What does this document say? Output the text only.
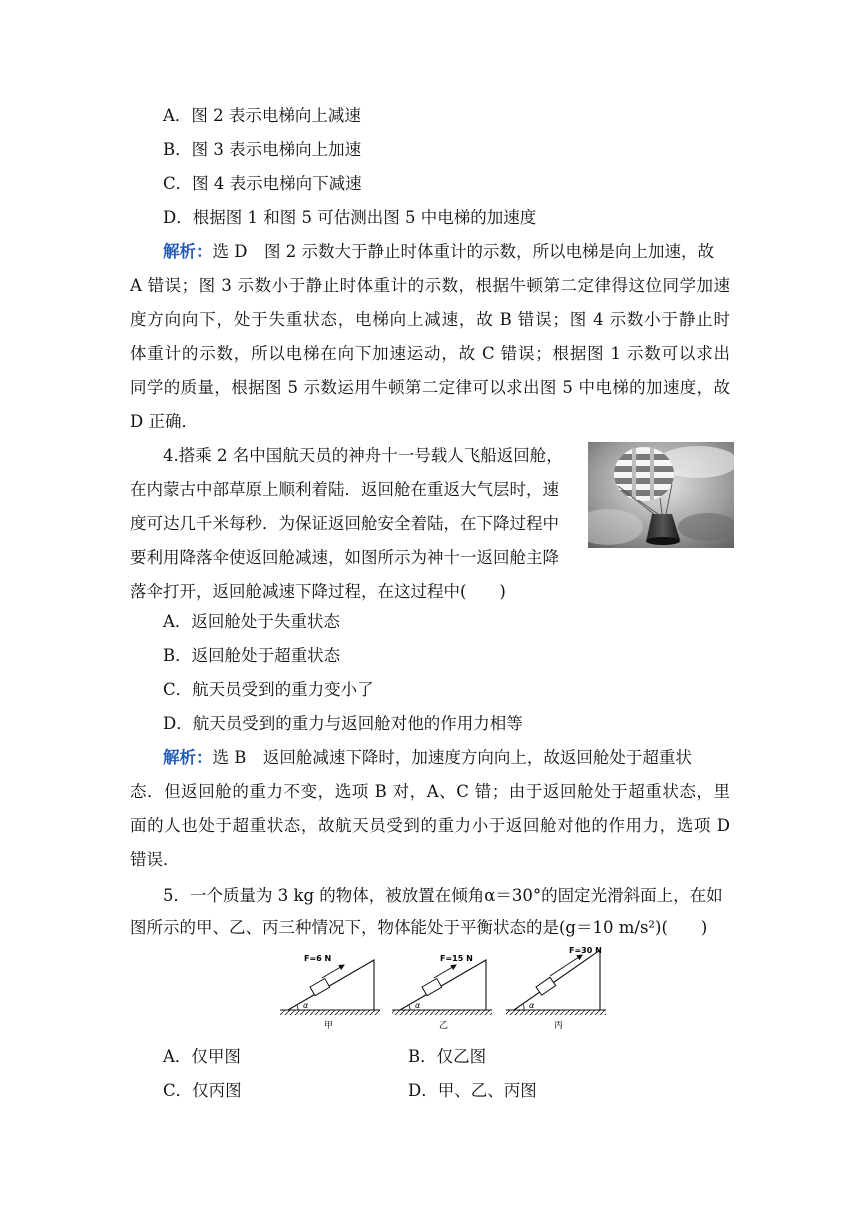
A．图 2 表示电梯向上减速
B．图 3 表示电梯向上加速
C．图 4 表示电梯向下减速
D．根据图 1 和图 5 可估测出图 5 中电梯的加速度
解析：选 D　图 2 示数大于静止时体重计的示数，所以电梯是向上加速，故
A 错误；图 3 示数小于静止时体重计的示数，根据牛顿第二定律得这位同学加速
度方向向下，处于失重状态，电梯向上减速，故 B 错误；图 4 示数小于静止时
体重计的示数，所以电梯在向下加速运动，故 C 错误；根据图 1 示数可以求出
同学的质量，根据图 5 示数运用牛顿第二定律可以求出图 5 中电梯的加速度，故
D 正确．
4.搭乘 2 名中国航天员的神舟十一号载人飞船返回舱，
在内蒙古中部草原上顺利着陆．返回舱在重返大气层时，速
度可达几千米每秒．为保证返回舱安全着陆，在下降过程中
要利用降落伞使返回舱减速，如图所示为神十一返回舱主降
落伞打开，返回舱减速下降过程，在这过程中(　　)
A．返回舱处于失重状态
B．返回舱处于超重状态
C．航天员受到的重力变小了
D．航天员受到的重力与返回舱对他的作用力相等
解析：选 B　返回舱减速下降时，加速度方向向上，故返回舱处于超重状
态．但返回舱的重力不变，选项 B 对，A、C 错；由于返回舱处于超重状态，里
面的人也处于超重状态，故航天员受到的重力小于返回舱对他的作用力，选项 D
错误．
5．一个质量为 3 kg 的物体，被放置在倾角α＝30°的固定光滑斜面上，在如
图所示的甲、乙、丙三种情况下，物体能处于平衡状态的是(g＝10 m/s²)(　　)
F=6 N
α
甲
F=15 N
α
乙
F=30 N
α
丙
A．仅甲图	B．仅乙图
C．仅丙图	D．甲、乙、丙图
